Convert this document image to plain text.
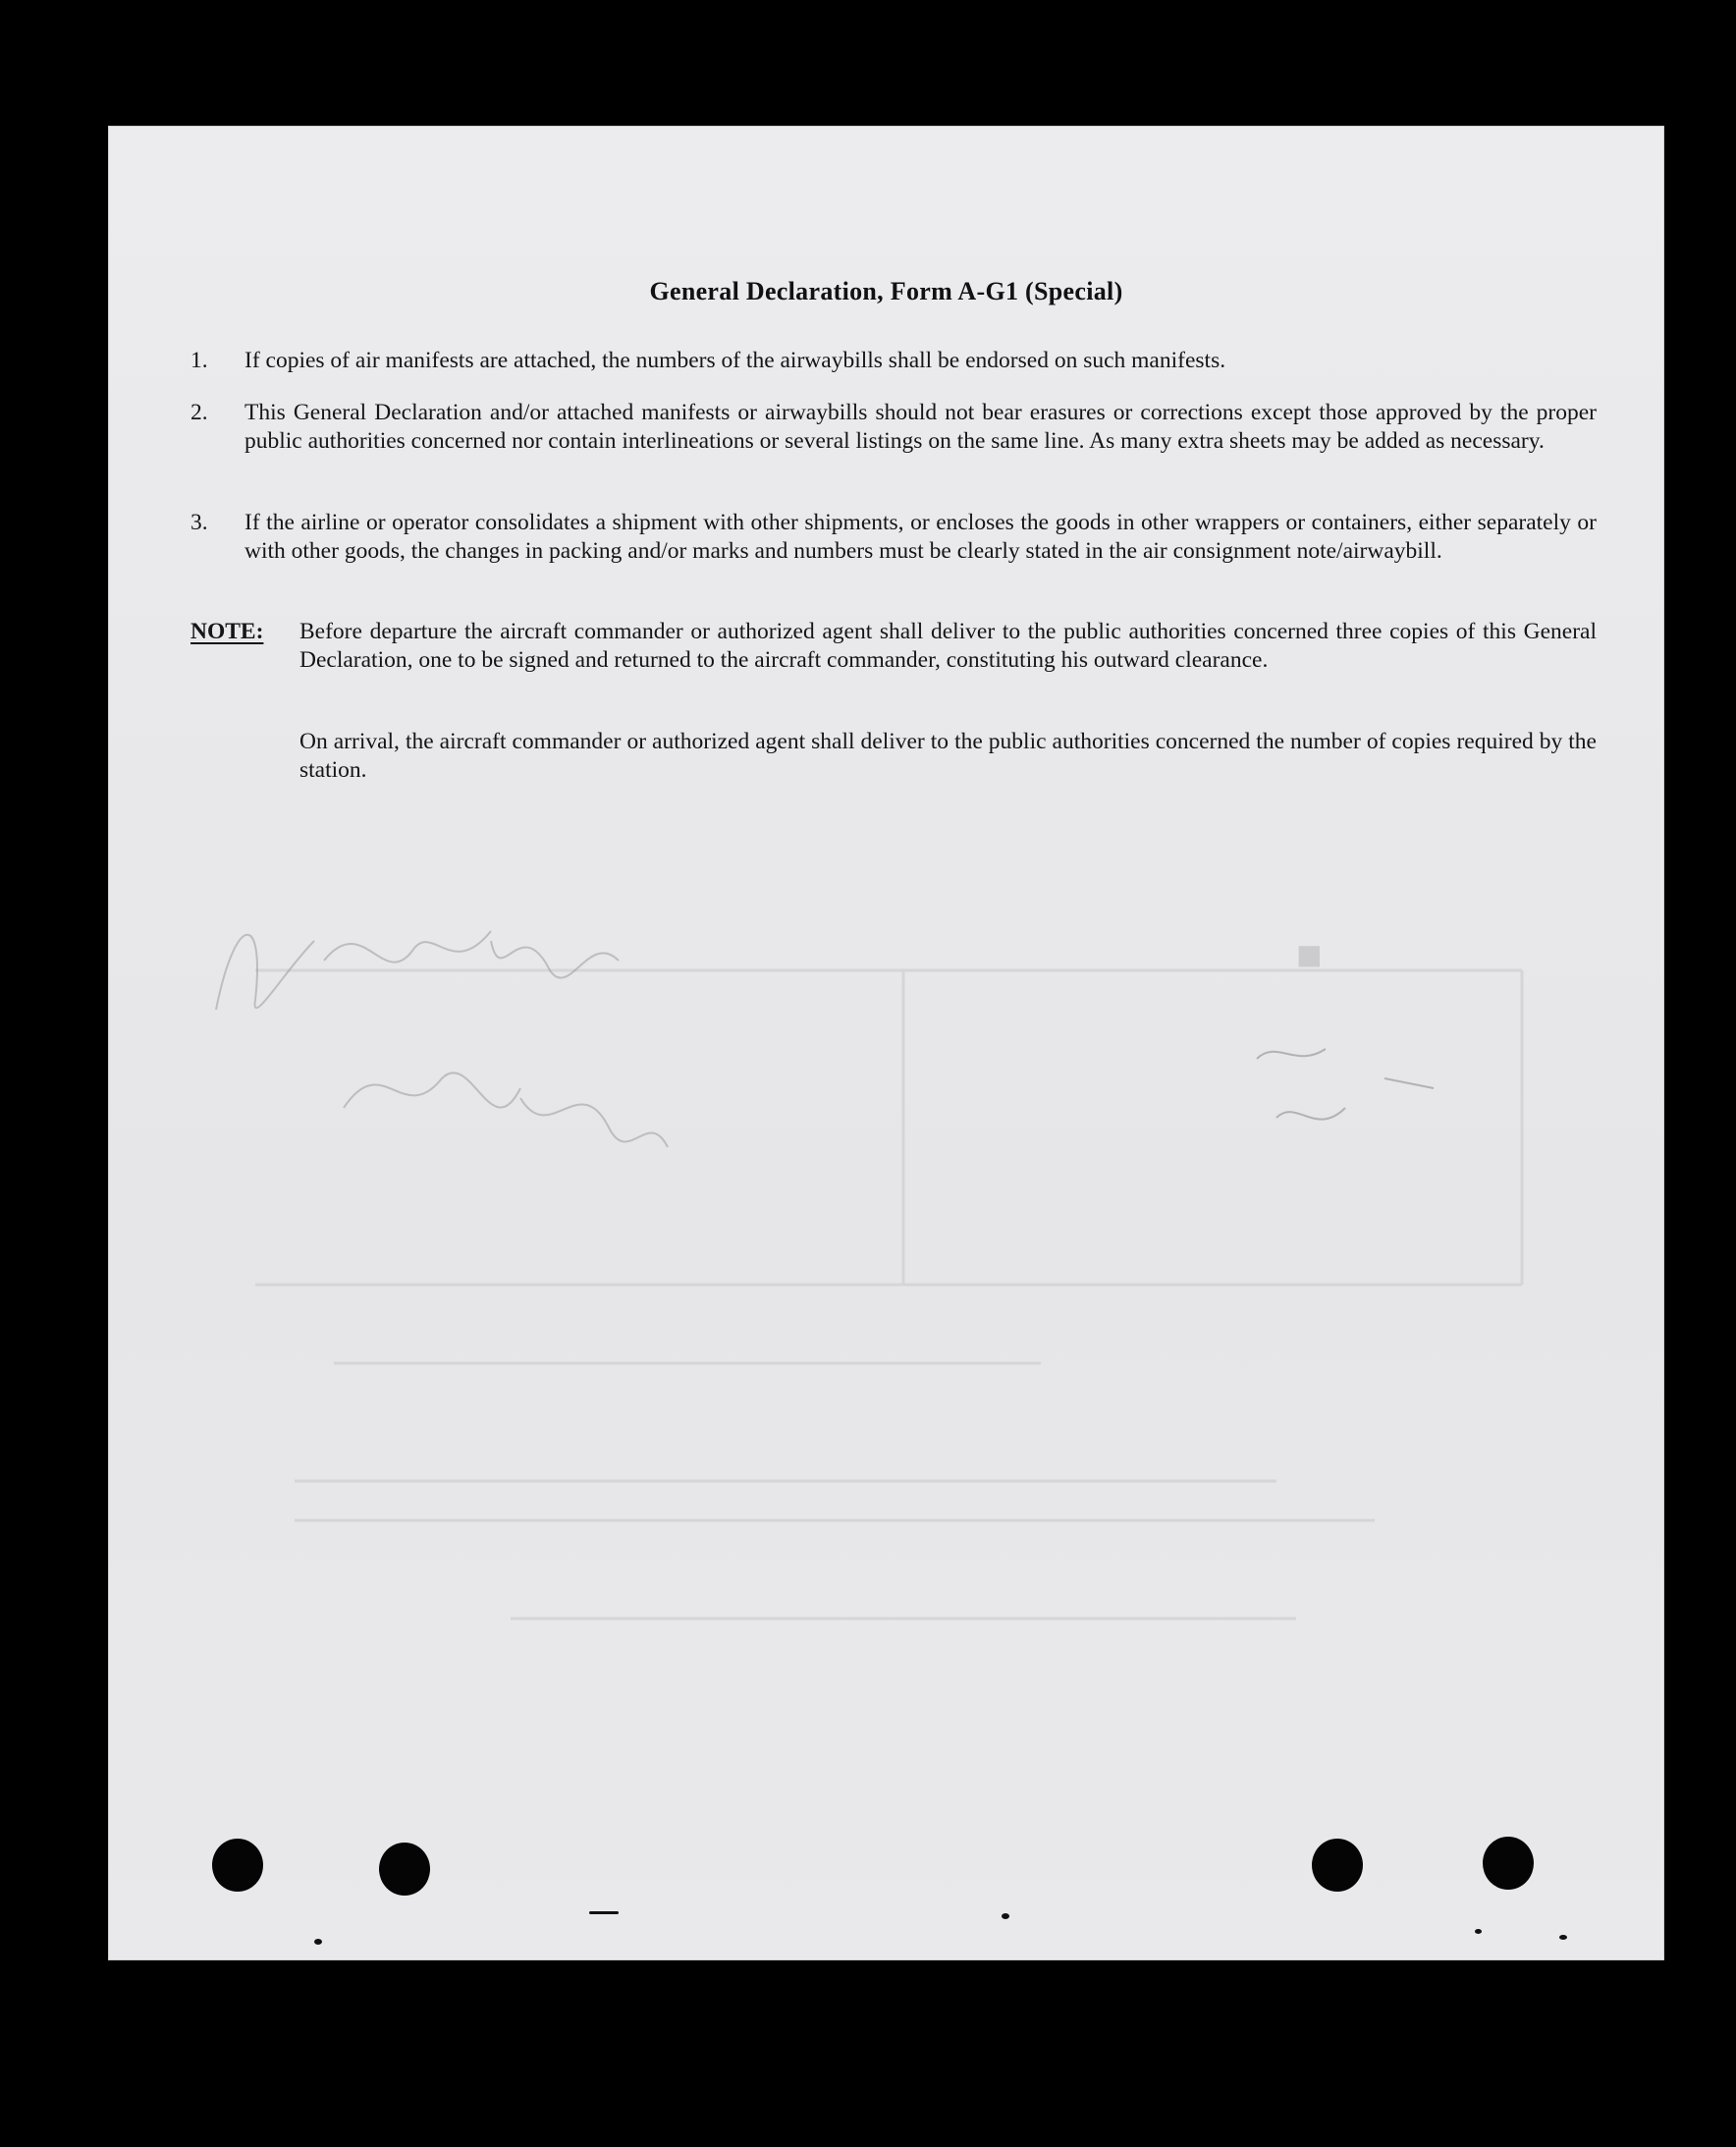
General Declaration, Form A-G1 (Special)
1.	If copies of air manifests are attached, the numbers of the airwaybills shall be endorsed on such manifests.
2.	This General Declaration and/or attached manifests or airwaybills should not bear erasures or corrections except those approved by the proper public authorities concerned nor contain interlineations or several listings on the same line. As many extra sheets may be added as necessary.
3.	If the airline or operator consolidates a shipment with other shipments, or encloses the goods in other wrappers or containers, either separately or with other goods, the changes in packing and/or marks and numbers must be clearly stated in the air consignment note/airwaybill.
NOTE: Before departure the aircraft commander or authorized agent shall deliver to the public authorities concerned three copies of this General Declaration, one to be signed and returned to the aircraft commander, constituting his outward clearance.
On arrival, the aircraft commander or authorized agent shall deliver to the public authorities concerned the number of copies required by the station.
■
